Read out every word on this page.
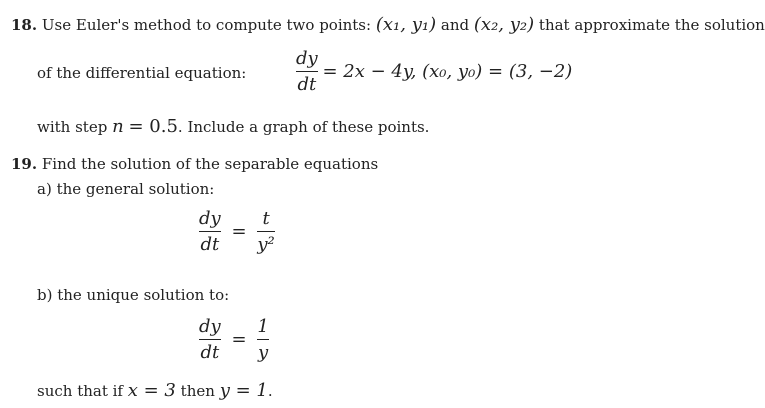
18. Use Euler's method to compute two points: (x₁, y₁) and (x₂, y₂) that approximate the solution
of the differential equation:	$\frac{dy}{dt} = 2x - 4y$, (x₀, y₀) = (3, −2)
with step n = 0.5. Include a graph of these points.
19. Find the solution of the separable equations
a) the general solution:
$\frac{dy}{dt} = \frac{t}{\text{y²}}$
b) the unique solution to:
$\frac{dy}{dt} = \frac{1}{y}$
such that if x = 3 then y = 1.
